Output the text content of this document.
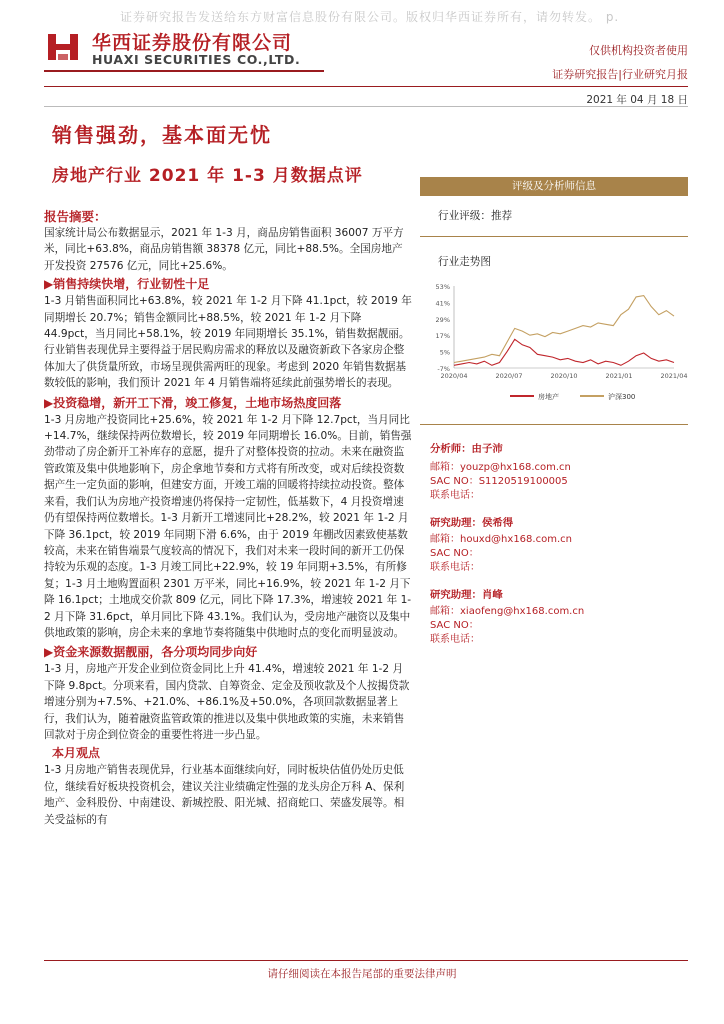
证券研究报告发送给东方财富信息股份有限公司。版权归华西证券所有，请勿转发。 p.
华西证券股份有限公司
HUAXI SECURITIES CO.,LTD.
仅供机构投资者使用
证券研究报告|行业研究月报
2021 年 04 月 18 日
销售强劲，基本面无忧
房地产行业 2021 年 1-3 月数据点评
报告摘要：

国家统计局公布数据显示，2021 年 1-3 月，商品房销售面积 36007 万平方米，同比+63.8%，商品房销售额 38378 亿元，同比+88.5%。全国房地产开发投资 27576 亿元，同比+25.6%。

▶销售持续快增，行业韧性十足

1-3 月销售面积同比+63.8%，较 2021 年 1-2 月下降 41.1pct，较 2019 年同期增长 20.7%；销售金额同比+88.5%，较 2021 年 1-2 月下降 44.9pct，当月同比+58.1%，较 2019 年同期增长 35.1%，销售数据靓丽。行业销售表现优异主要得益于居民购房需求的释放以及融资新政下各家房企整体加大了供货量所致，市场呈现供需两旺的现象。考虑到 2020 年销售数据基数较低的影响，我们预计 2021 年 4 月销售端将延续此前强势增长的表现。

▶投资稳增，新开工下滑，竣工修复，土地市场热度回落

1-3 月房地产投资同比+25.6%，较 2021 年 1-2 月下降 12.7pct，当月同比+14.7%，继续保持两位数增长，较 2019 年同期增长 16.0%。目前，销售强劲带动了房企新开工补库存的意愿，提升了对整体投资的拉动。未来在融资监管政策及集中供地影响下，房企拿地节奏和方式将有所改变，或对后续投资数据产生一定负面的影响，但建安方面，开竣工端的回暖将持续拉动投资。整体来看，我们认为房地产投资增速仍将保持一定韧性，低基数下，4 月投资增速仍有望保持两位数增长。1-3 月新开工增速同比+28.2%，较 2021 年 1-2 月下降 36.1pct，较 2019 年同期下滑 6.6%，由于 2019 年棚改因素致使基数较高，未来在销售端景气度较高的情况下，我们对未来一段时间的新开工仍保持较为乐观的态度。1-3 月竣工同比+22.9%，较 19 年同期+3.5%，有所修复；1-3 月土地购置面积 2301 万平米，同比+16.9%，较 2021 年 1-2 月下降 16.1pct；土地成交价款 809 亿元，同比下降 17.3%，增速较 2021 年 1-2 月下降 31.6pct，单月同比下降 43.1%。我们认为，受房地产融资以及集中供地政策的影响，房企未来的拿地节奏将随集中供地时点的变化而明显波动。

▶资金来源数据靓丽，各分项均同步向好

1-3 月，房地产开发企业到位资金同比上升 41.4%，增速较 2021 年 1-2 月下降 9.8pct。分项来看，国内贷款、自筹资金、定金及预收款及个人按揭贷款增速分别为+7.5%、+21.0%、+86.1%及+50.0%，各项回款数据显著上行，我们认为，随着融资监管政策的推进以及集中供地政策的实施，未来销售回款对于房企到位资金的重要性将进一步凸显。

本月观点

1-3 月房地产销售表现优异，行业基本面继续向好，同时板块估值仍处历史低位，继续看好板块投资机会，建议关注业绩确定性强的龙头房企万科 A、保利地产、金科股份、中南建设、新城控股、阳光城、招商蛇口、荣盛发展等。相关受益标的有

评级及分析师信息
行业评级：推荐
行业走势图
53%
41%
29%
17%
5%
-7%
2020/04	2020/07	2020/10	2021/01	2021/04
房地产	沪深300
分析师：由子沛
邮箱：youzp@hx168.com.cn
SAC NO：S1120519100005
联系电话：
研究助理：侯希得
邮箱：houxd@hx168.com.cn
SAC NO：
联系电话：
研究助理：肖峰
邮箱：xiaofeng@hx168.com.cn
SAC NO：
联系电话：
请仔细阅读在本报告尾部的重要法律声明
